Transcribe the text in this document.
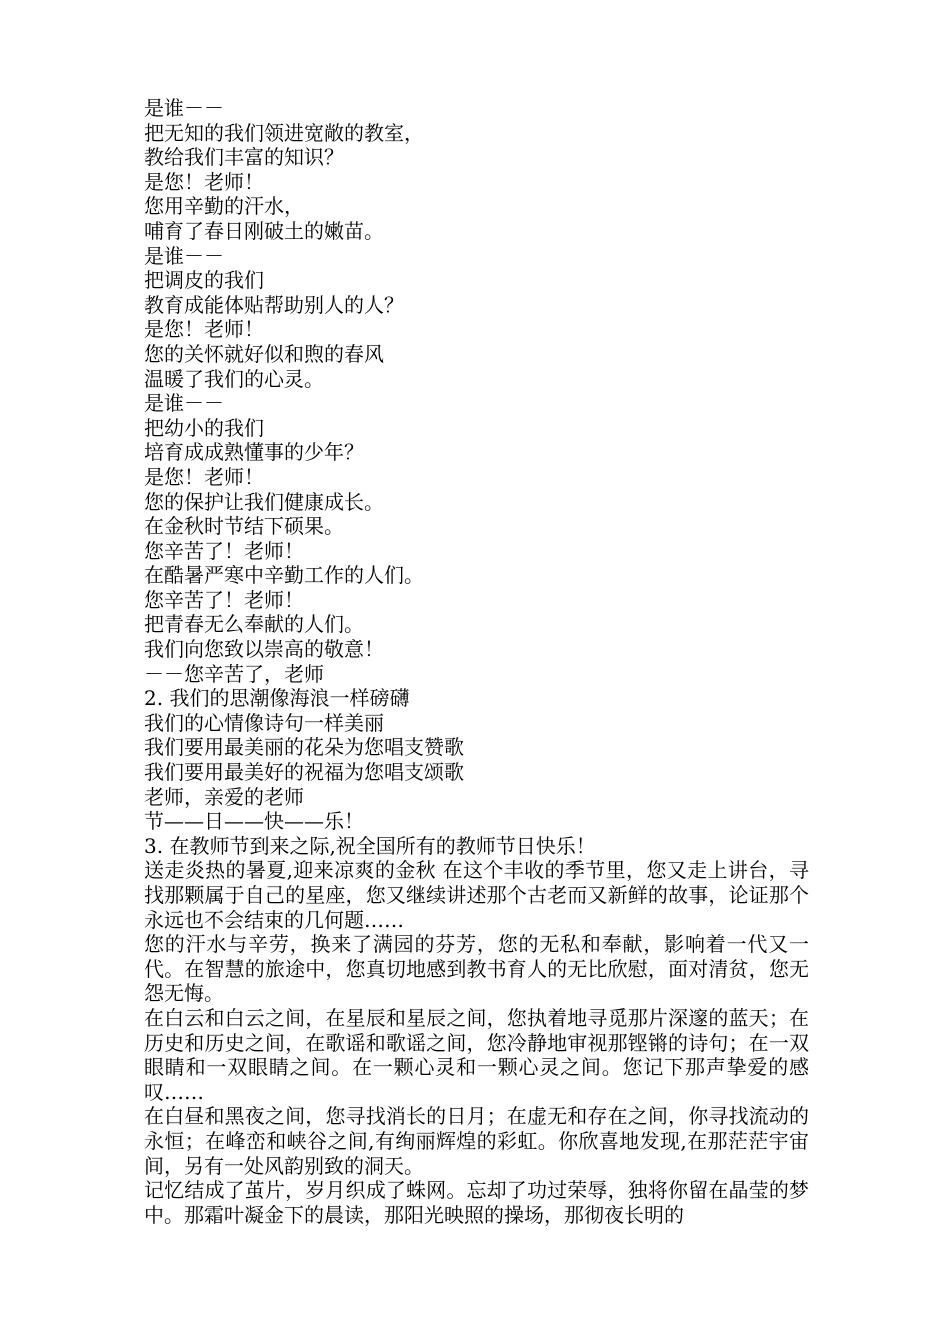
是谁－－
把无知的我们领进宽敞的教室，
教给我们丰富的知识？
是您！老师！
您用辛勤的汗水，
哺育了春日刚破土的嫩苗。
是谁－－
把调皮的我们
教育成能体贴帮助别人的人？
是您！老师！
您的关怀就好似和煦的春风
温暖了我们的心灵。
是谁－－
把幼小的我们
培育成成熟懂事的少年？
是您！老师！
您的保护让我们健康成长。
在金秋时节结下硕果。
您辛苦了！老师！
在酷暑严寒中辛勤工作的人们。
您辛苦了！老师！
把青春无么奉献的人们。
我们向您致以崇高的敬意！
－－您辛苦了，老师
2. 我们的思潮像海浪一样磅礴
我们的心情像诗句一样美丽
我们要用最美丽的花朵为您唱支赞歌
我们要用最美好的祝福为您唱支颂歌
老师，亲爱的老师
节——日——快——乐！
3. 在教师节到来之际,祝全国所有的教师节日快乐！
送走炎热的暑夏,迎来凉爽的金秋 在这个丰收的季节里，您又走上讲台，寻找那颗属于自己的星座，您又继续讲述那个古老而又新鲜的故事，论证那个永远也不会结束的几何题……
您的汗水与辛劳，换来了满园的芬芳，您的无私和奉献，影响着一代又一代。在智慧的旅途中，您真切地感到教书育人的无比欣慰，面对清贫，您无怨无悔。
在白云和白云之间，在星辰和星辰之间，您执着地寻觅那片深邃的蓝天；在历史和历史之间，在歌谣和歌谣之间，您冷静地审视那铿锵的诗句；在一双眼睛和一双眼睛之间。在一颗心灵和一颗心灵之间。您记下那声挚爱的感叹……
在白昼和黑夜之间，您寻找消长的日月；在虚无和存在之间，你寻找流动的永恒；在峰峦和峡谷之间,有绚丽辉煌的彩虹。你欣喜地发现,在那茫茫宇宙间，另有一处风韵别致的洞天。
记忆结成了茧片，岁月织成了蛛网。忘却了功过荣辱，独将你留在晶莹的梦中。那霜叶凝金下的晨读，那阳光映照的操场，那彻夜长明的
